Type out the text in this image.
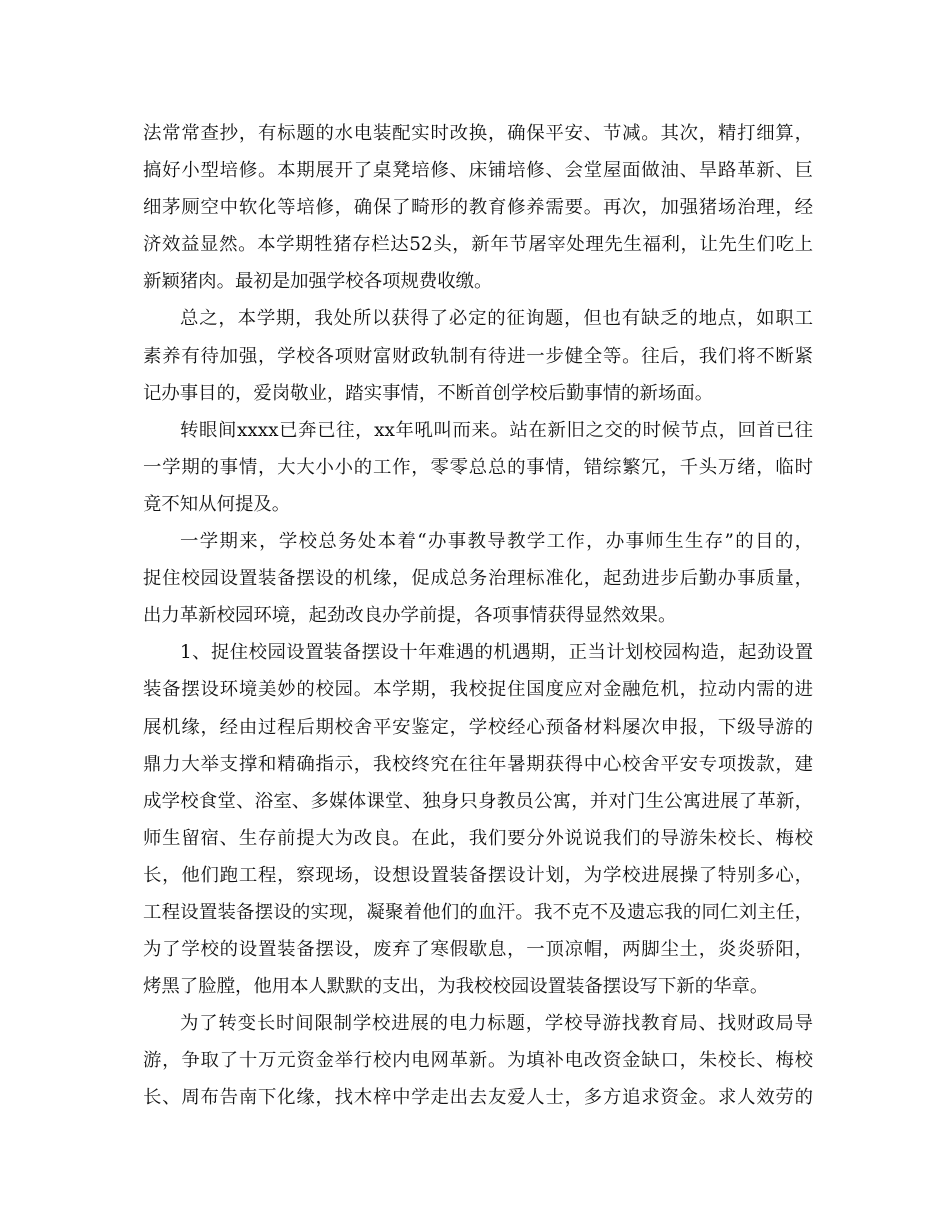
法常常查抄，有标题的水电装配实时改换，确保平安、节减。其次，精打细算，
搞好小型培修。本期展开了桌凳培修、床铺培修、会堂屋面做油、旱路革新、巨
细茅厕空中软化等培修，确保了畸形的教育修养需要。再次，加强猪场治理，经
济效益显然。本学期牲猪存栏达52头，新年节屠宰处理先生福利，让先生们吃上
新颖猪肉。最初是加强学校各项规费收缴。
总之，本学期，我处所以获得了必定的征询题，但也有缺乏的地点，如职工
素养有待加强，学校各项财富财政轨制有待进一步健全等。往后，我们将不断紧
记办事目的，爱岗敬业，踏实事情，不断首创学校后勤事情的新场面。
转眼间xxxx已奔已往，xx年吼叫而来。站在新旧之交的时候节点，回首已往
一学期的事情，大大小小的工作，零零总总的事情，错综繁冗，千头万绪，临时
竟不知从何提及。
一学期来，学校总务处本着“办事教导教学工作，办事师生生存”的目的，
捉住校园设置装备摆设的机缘，促成总务治理标准化，起劲进步后勤办事质量，
出力革新校园环境，起劲改良办学前提，各项事情获得显然效果。
1、捉住校园设置装备摆设十年难遇的机遇期，正当计划校园构造，起劲设置
装备摆设环境美妙的校园。本学期，我校捉住国度应对金融危机，拉动内需的进
展机缘，经由过程后期校舍平安鉴定，学校经心预备材料屡次申报，下级导游的
鼎力大举支撑和精确指示，我校终究在往年暑期获得中心校舍平安专项拨款，建
成学校食堂、浴室、多媒体课堂、独身只身教员公寓，并对门生公寓进展了革新，
师生留宿、生存前提大为改良。在此，我们要分外说说我们的导游朱校长、梅校
长，他们跑工程，察现场，设想设置装备摆设计划，为学校进展操了特别多心，
工程设置装备摆设的实现，凝聚着他们的血汗。我不克不及遗忘我的同仁刘主任，
为了学校的设置装备摆设，废弃了寒假歇息，一顶凉帽，两脚尘土，炎炎骄阳，
烤黑了脸膛，他用本人默默的支出，为我校校园设置装备摆设写下新的华章。
为了转变长时间限制学校进展的电力标题，学校导游找教育局、找财政局导
游，争取了十万元资金举行校内电网革新。为填补电改资金缺口，朱校长、梅校
长、周布告南下化缘，找木梓中学走出去友爱人士，多方追求资金。求人效劳的
